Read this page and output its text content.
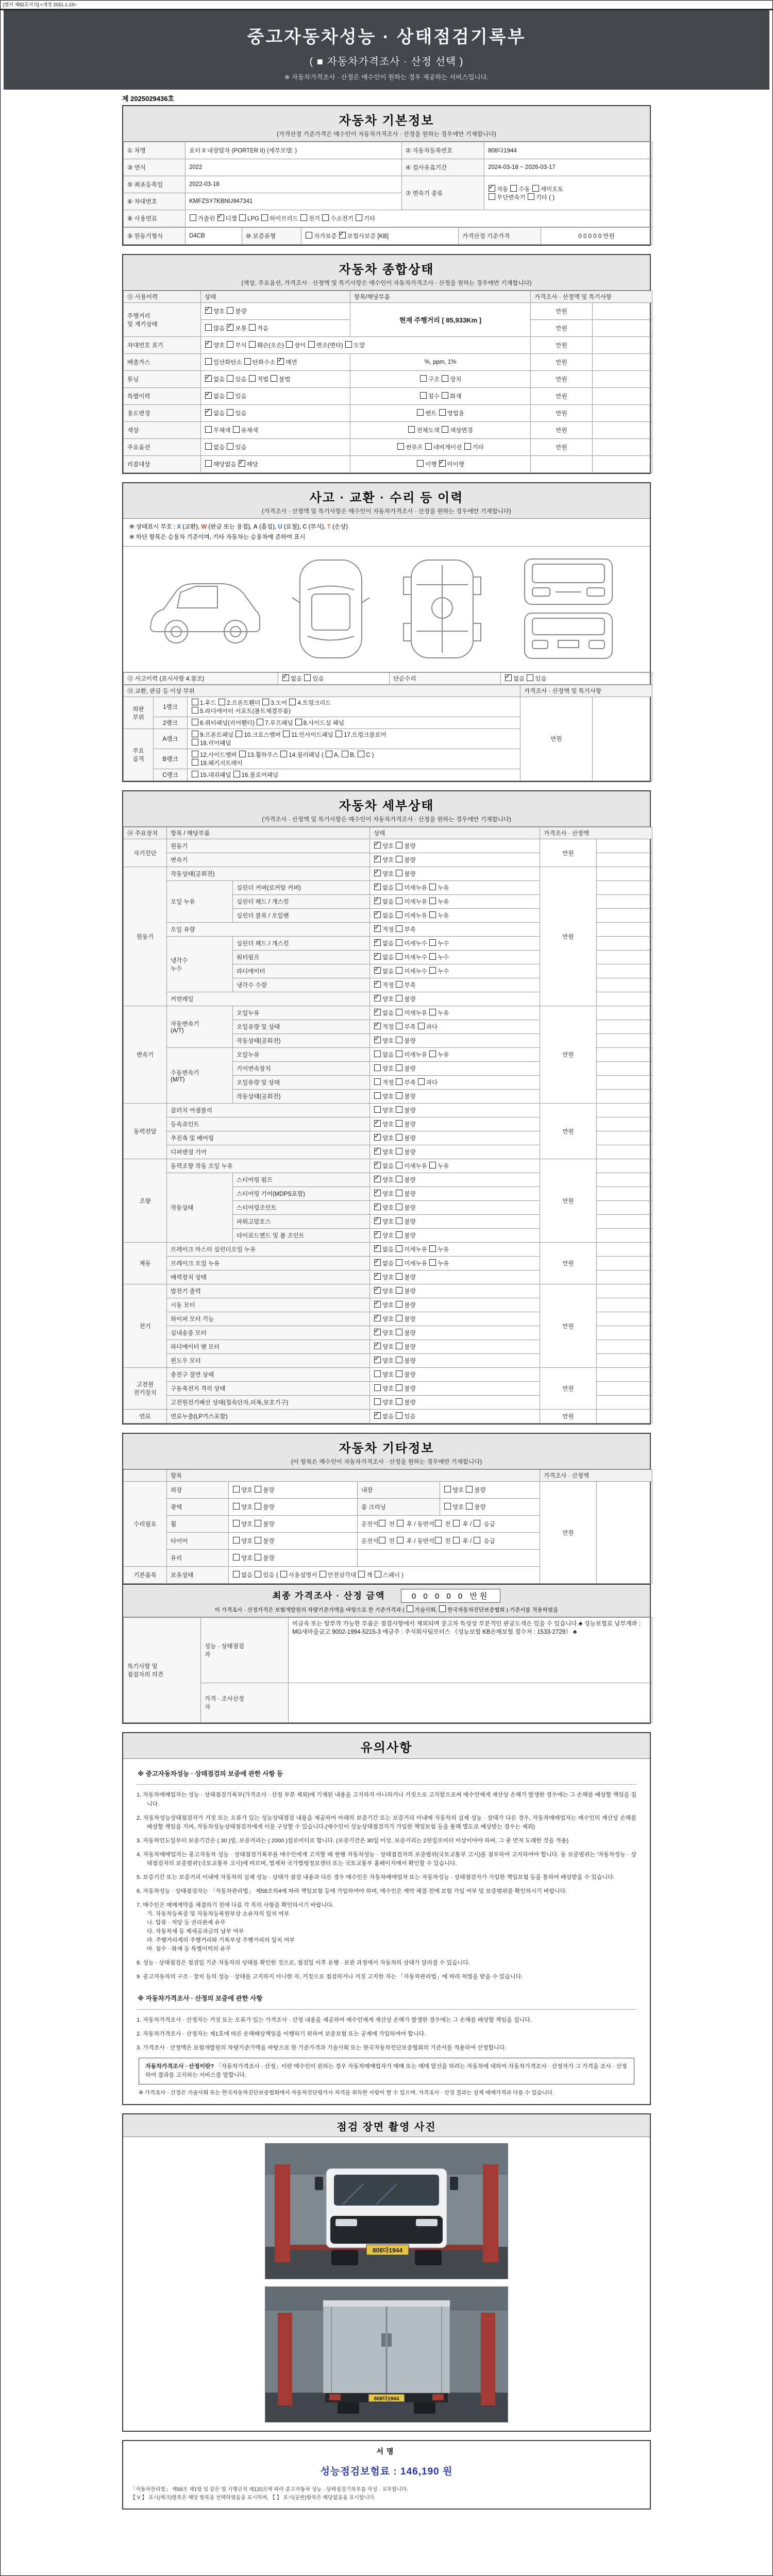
[별지 제82호서식] <개정 2021.1.19>
중고자동차성능 · 상태점검기록부
( ■ 자동차가격조사 · 산정 선택 )
※ 자동차가격조사 · 산정은 매수인이 원하는 경우 제공하는 서비스입니다.
제 2025029436호
자동차 기본정보
(가격산정 기준가격은 매수인이 자동차가격조사 · 산정을 원하는 경우에만 기재합니다)
① 차명	포터 II 내장탑차 (PORTER II) (세부모델: )	② 자동차등록번호	808다1944
③ 연식	2022	④ 검사유효기간	2024-03-18 ~ 2026-03-17
⑤ 최초등록일	2022-03-18	⑦ 변속기 종류	✓자동 수동 세미오토
무단변속기 기타 ( )
⑥ 차대번호	KMFZSY7KBNU947341		
⑧ 사용연료	가솔린 ✓디젤 LPG 하이브리드 전기 수소전기 기타
⑨ 원동기형식	D4CB	⑩ 보증유형	자가보증 ✓보험사보증 [KB]	가격산정 기준가격	0 0 0 0 0 만원
자동차 종합상태
(색상, 주요옵션, 가격조사 · 산정액 및 특기사항은 매수인이 자동차가격조사 · 산정을 원하는 경우에만 기재합니다)
⑪ 사용이력	상태	항목/해당부품	가격조사 · 산정액 및 특기사항	
주행거리
및 계기상태	✓양호 불량	현재 주행거리 [ 85,933Km ]	만원	
	많음 ✓보통 적음		만원	
차대번호 표기	✓양호 부식 훼손(오손) 상이 변조(변타) 도말		만원	
배출가스	일산화탄소 탄화수소 ✓매연	%, ppm, 1%	만원	
튜닝	✓없음 있음 적법 불법	구조 장치	만원	
특별이력	✓없음 있음	침수 화재	만원	
용도변경	✓없음 있음	렌트 영업용	만원	
색상	무채색 유채색	전체도색 색상변경	만원	
주요옵션	없음 있음	썬루프 네비게이션 기타	만원	
리콜대상	해당없음 ✓해당	이행 ✓미이행		
사고 · 교환 · 수리 등 이력
(가격조사 · 산정액 및 특기사항은 매수인이 자동차가격조사 · 산정을 원하는 경우에만 기재합니다)
※ 상태표시 부호 : X (교환), W (판금 또는 용접), A (흠집), U (요철), C (부식), T (손상)
※ 하단 항목은 승용차 기준이며, 기타 자동차는 승용차에 준하여 표시
⑫ 사고이력 (표시사항 4.참조)	✓없음 있음	단순수리	✓없음 있음
⑬ 교환, 판금 등 이상 부위			가격조사 · 산정액 및 특기사항	
외판
부위	1랭크	1.후드 2.프론트휀더 3.도어 4.트렁크리드
5.라디에이터 서포트(볼트체결부품)	만원	
	2랭크	6.쿼터패널(리어휀더) 7.루프패널 8.사이드실 패널		
주요
골격	A랭크	9.프론트패널 10.크로스멤버 11.인사이드패널 17.트렁크플로어
18.리어패널		
	B랭크	12.사이드멤버 13.휠하우스 14.필러패널 ( A, B, C )
19.패키지트레이		
	C랭크	15.대쉬패널 16.플로어패널		
자동차 세부상태
(가격조사 · 산정액 및 특기사항은 매수인이 자동차가격조사 · 산정을 원하는 경우에만 기재합니다)
⑭ 주요장치	항목 / 해당부품		상태	가격조사 · 산정액	
자기진단	원동기	✓양호 불량	만원	
	변속기	✓양호 불량	
원동기	작동상태(공회전)	✓양호 불량	만원	
	오일 누유	실린더 커버(로커암 커버)	✓없음 미세누유 누유	
		실린더 헤드 / 개스킷	✓없음 미세누유 누유	
		실린더 블록 / 오일팬	✓없음 미세누유 누유	
	오일 유량	✓적정 부족	
	냉각수
누수	실린더 헤드 / 개스킷	✓없음 미세누수 누수	
		워터펌프	✓없음 미세누수 누수	
		라디에이터	✓없음 미세누수 누수	
		냉각수 수량	✓적정 부족	
	커먼레일	✓양호 불량	
변속기	자동변속기
(A/T)	오일누유	✓없음 미세누유 누유	만원	
		오일유량 및 상태	✓적정 부족 과다	
		작동상태(공회전)	✓양호 불량	
	수동변속기
(M/T)	오일누유	없음 미세누유 누유		
		기어변속장치	양호 불량		
		오일유량 및 상태	적정 부족 과다		
		작동상태(공회전)	양호 불량		
동력전달	클러치 어셈블리		양호 불량	만원	
	등속죠인트	✓양호 불량	
	추진축 및 베어링	✓양호 불량	
	디퍼렌셜 기어	✓양호 불량	
조향	동력조향 작동 오일 누유	✓없음 미세누유 누유	만원	
	작동상태	스티어링 펌프	✓양호 불량	
		스티어링 기어(MDPS포함)	✓양호 불량	
		스티어링조인트	✓양호 불량	
		파워고압호스	✓양호 불량	
		타이로드엔드 및 볼 조인트	✓양호 불량	
제동	브레이크 마스터 실린더오일 누유	✓없음 미세누유 누유	만원	
	브레이크 오일 누유	✓없음 미세누유 누유	
	배력장치 상태	✓양호 불량	
전기	발전기 출력	✓양호 불량	만원	
	시동 모터	✓양호 불량	
	와이퍼 모터 기능	✓양호 불량	
	실내송풍 모터	✓양호 불량	
	라디에이터 팬 모터	✓양호 불량	
	윈도우 모터	✓양호 불량	
고전원
전기장치	충전구 절연 상태		양호 불량	만원	
	구동축전지 격리 상태		양호 불량		
	고전원전기배선 상태(접속단자,피복,보호기구)		양호 불량		
연료	연료누출(LP가스포함)	✓없음 있음	만원	
자동차 기타정보
(이 항목은 매수인이 자동차가격조사 · 산정을 원하는 경우에만 기재합니다)
	항목				가격조사 · 산정액	
수리필요	외장	양호 불량	내장	양호 불량	만원	
	광택	양호 불량	룸 크리닝	양호 불량		
	휠	양호 불량	운전석 전  후 / 동반석 전  후 /  응급			
	타이어	양호 불량	운전석 전  후 / 동반석 전  후 /  응급			
	유리	양호 불량				
기본품목	보유상태	없음 있음 ( 사용설명서 안전삼각대 잭 스패너 )				
최종 가격조사 · 산정 금액	0 0 0 0 0 만원
이 가격조사 · 산정가격은 보험개발원의 차량기준가액을 바탕으로 한 기준가격과 ( 기술사회, 한국자동차진단보증협회 ) 기준서를 적용하였음
특기사항 및
점검자의 의견	성능 · 상태점검
자	비금속 또는 탈부착 가능한 부품은 점검사항에서 제외되며 중고차 특성상 부분적인 판금도색은 있을 수 있습니다.♣ 성능보험료 납부계좌 : MG새마을금고 9002-1994-5215-3 예금주 : 주식회사팀모터스 《성능보험 KB손해보험 접수처 : 1533-2729》 ♣
	가격 · 조사산정
자	
유의사항
※ 중고자동차성능 · 상태점검의 보증에 관한 사항 등

1. 자동차매매업자는 성능 · 상태점검기록부(가격조사 · 산정 부분 제외)에 기재된 내용을 고지하지 아니하거나 거짓으로 고지함으로써 매수인에게 재산상 손해가 발생한 경우에는 그 손해를 배상할 책임을 집니다.

2. 자동차성능상태점검자가 거짓 또는 오류가 있는 성능상태점검 내용을 제공하여 아래의 보증기간 또는 보증거리 이내에 자동차의 실제 성능 · 상태가 다른 경우, 자동차매매업자는 매수인의 재산상 손해를 배상할 책임을 지며, 자동차성능상태점검자에게 이를 구상할 수 있습니다.(매수인이 성능상태점검자가 가입한 책임보험 등을 통해 별도로 배상받는 경우는 제외)

3. 자동차인도일부터 보증기간은 ( 30 )일, 보증거리는 ( 2000 )킬로미터로 합니다. (보증기간은 30일 이상, 보증거리는 2천킬로미터 이상이어야 하며, 그 중 먼저 도래한 것을 적용)

4. 자동차매매업자는 중고자동차 성능 · 상태점검기록부를 매수인에게 고지할 때 현행 자동차성능 · 상태점검자의 보증범위(국토교통부 고시)를 첨부하여 고지하여야 합니다. 동 보증범위는 '자동차성능 · 상태점검자의 보증범위'(국토교통부 고시)에 따르며, 법제처 국가법령정보센터 또는 국토교통부 홈페이지에서 확인할 수 있습니다.

5. 보증기간 또는 보증거리 이내에 자동차의 실제 성능 · 상태가 점검 내용과 다른 경우 매수인은 자동차매매업자 또는 자동차성능 · 상태점검자가 가입한 책임보험 등을 통하여 배상받을 수 있습니다.

6. 자동차성능 · 상태점검자는 「자동차관리법」 제58조의4에 따라 책임보험 등에 가입하여야 하며, 매수인은 계약 체결 전에 보험 가입 여부 및 보증범위를 확인하시기 바랍니다.

7. 매수인은 매매계약을 체결하기 전에 다음 각 목의 사항을 확인하시기 바랍니다.
가. 자동차등록증 및 자동차등록원부상 소유자의 일치 여부
나. 압류 · 저당 등 권리관계 유무
다. 자동차세 등 제세공과금의 납부 여부
라. 주행거리계의 주행거리와 기록부상 주행거리의 일치 여부
마. 침수 · 화재 등 특별이력의 유무

8. 성능 · 상태점검은 점검일 기준 자동차의 상태를 확인한 것으로, 점검일 이후 운행 · 보관 과정에서 자동차의 상태가 달라질 수 있습니다.

9. 중고자동차의 구조 · 장치 등의 성능 · 상태를 고지하지 아니한 자, 거짓으로 점검하거나 거짓 고지한 자는 「자동차관리법」에 따라 처벌을 받을 수 있습니다.

※ 자동차가격조사 · 산정의 보증에 관한 사항

1. 자동차가격조사 · 산정자는 거짓 또는 오류가 있는 가격조사 · 산정 내용을 제공하여 매수인에게 재산상 손해가 발생한 경우에는 그 손해를 배상할 책임을 집니다.

2. 자동차가격조사 · 산정자는 제1호에 따른 손해배상책임을 이행하기 위하여 보증보험 또는 공제에 가입하여야 합니다.

3. 가격조사 · 산정액은 보험개발원의 차량기준가액을 바탕으로 한 기준가격과 기술사회 또는 한국자동차진단보증협회의 기준서를 적용하여 산정합니다.

자동차가격조사 · 산정이란? 「자동차가격조사 · 산정」이란 매수인이 원하는 경우 자동차매매업자가 매매 또는 매매 알선을 하려는 자동차에 대하여 자동차가격조사 · 산정자가 그 가격을 조사 · 산정하여 결과를 고지하는 서비스를 말합니다.
※ 가격조사 · 산정은 기술사회 또는 한국자동차진단보증협회에서 자동차진단평가사 자격을 취득한 사람이 할 수 있으며, 가격조사 · 산정 결과는 실제 매매가격과 다를 수 있습니다.
점검 장면 촬영 사진
808다1944
808다1944
서명
성능점검보험료 : 146,190 원
「자동차관리법」 제58조 제1항 및 같은 법 시행규칙 제120조에 따라 중고자동차 성능 · 상태점검기록부를 작성 · 교부합니다.
【 V 】 표시(체크)항목은 해당 항목을 선택하였음을 표시하며, 【 】 표시(공란)항목은 해당없음을 표시합니다.
